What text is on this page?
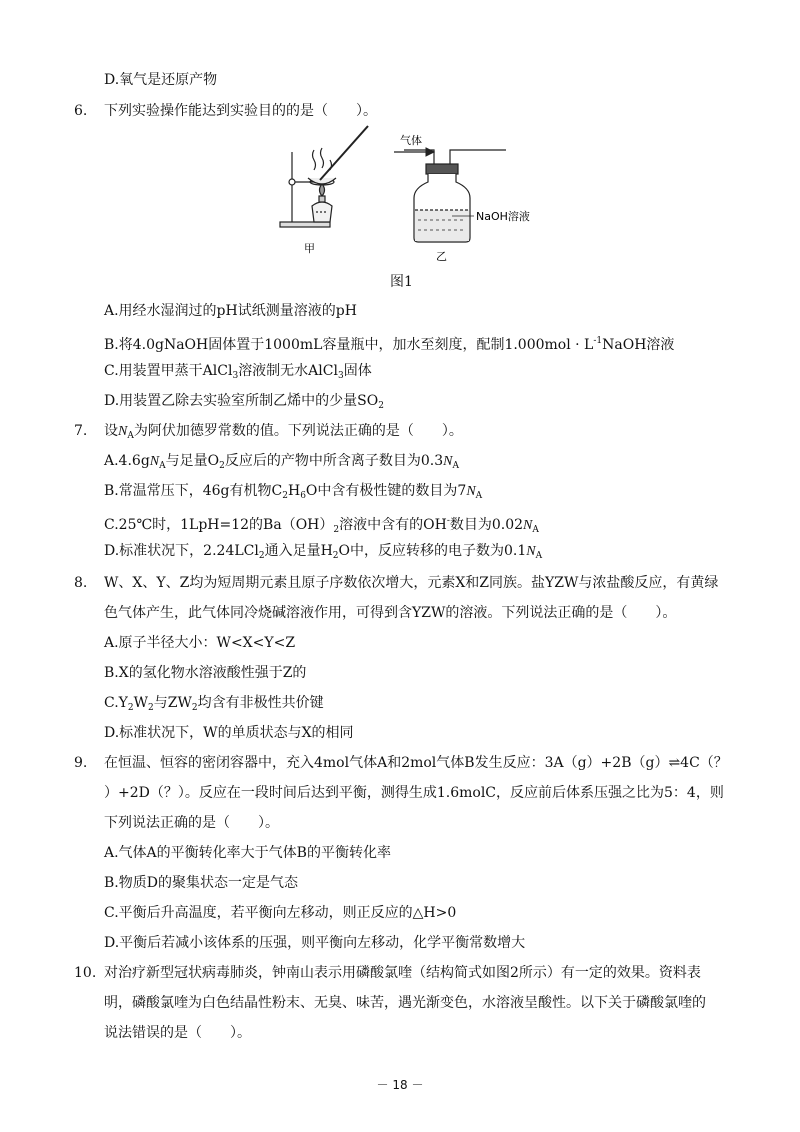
D.氧气是还原产物
6. 下列实验操作能达到实验目的的是（　　）。
甲
气体
NaOH溶液
乙
图1
A.用经水湿润过的pH试纸测量溶液的pH
B.将4.0gNaOH固体置于1000mL容量瓶中，加水至刻度，配制$1.000mol \cdot L^{-1}NaOH$溶液
C.用装置甲蒸干AlCl$_3$溶液制无水AlCl$_3$固体
D.用装置乙除去实验室所制乙烯中的少量$SO_2$
7. 设$N_A$为阿伏加德罗常数的值。下列说法正确的是（　　）。
$A.4.6gN_A$与足量$O_2$反应后的产物中所含离子数目为$0.3N_A$
B.常温常压下，46g有机物$C_2H_6O$中含有极性键的数目为$7N_A$
C.25℃时，1LpH=12的$Ba(OH)_2$溶液中含有的OH-数目为$0.02N_A$
D.标准状况下，2.24LCl$_2$通入足量$H_2O$中，反应转移的电子数为$0.1N_A$
8. W、X、Y、Z均为短周期元素且原子序数依次增大，元素X和Z同族。盐YZW与浓盐酸反应，有黄绿
色气体产生，此气体同冷烧碱溶液作用，可得到含YZW的溶液。下列说法正确的是（　　）。
A.原子半径大小：W<X<Y<Z
B.X的氢化物水溶液酸性强于Z的
$C.Y_2W_2$与$ZW_2$均含有非极性共价键
D.标准状况下，W的单质状态与X的相同
9. 在恒温、恒容的密闭容器中，充入4mol气体A和2mol气体B发生反应：3A（g）+2B（g）⇌4C（？
）+2D（？）。反应在一段时间后达到平衡，测得生成1.6molC，反应前后体系压强之比为5：4，则
下列说法正确的是（　　）。
A.气体A的平衡转化率大于气体B的平衡转化率
B.物质D的聚集状态一定是气态
C.平衡后升高温度，若平衡向左移动，则正反应的△H>0
D.平衡后若减小该体系的压强，则平衡向左移动，化学平衡常数增大
10. 对治疗新型冠状病毒肺炎，钟南山表示用磷酸氯喹（结构简式如图2所示）有一定的效果。资料表
明，磷酸氯喹为白色结晶性粉末、无臭、味苦，遇光渐变色，水溶液呈酸性。以下关于磷酸氯喹的
说法错误的是（　　）。
－ 18 －
